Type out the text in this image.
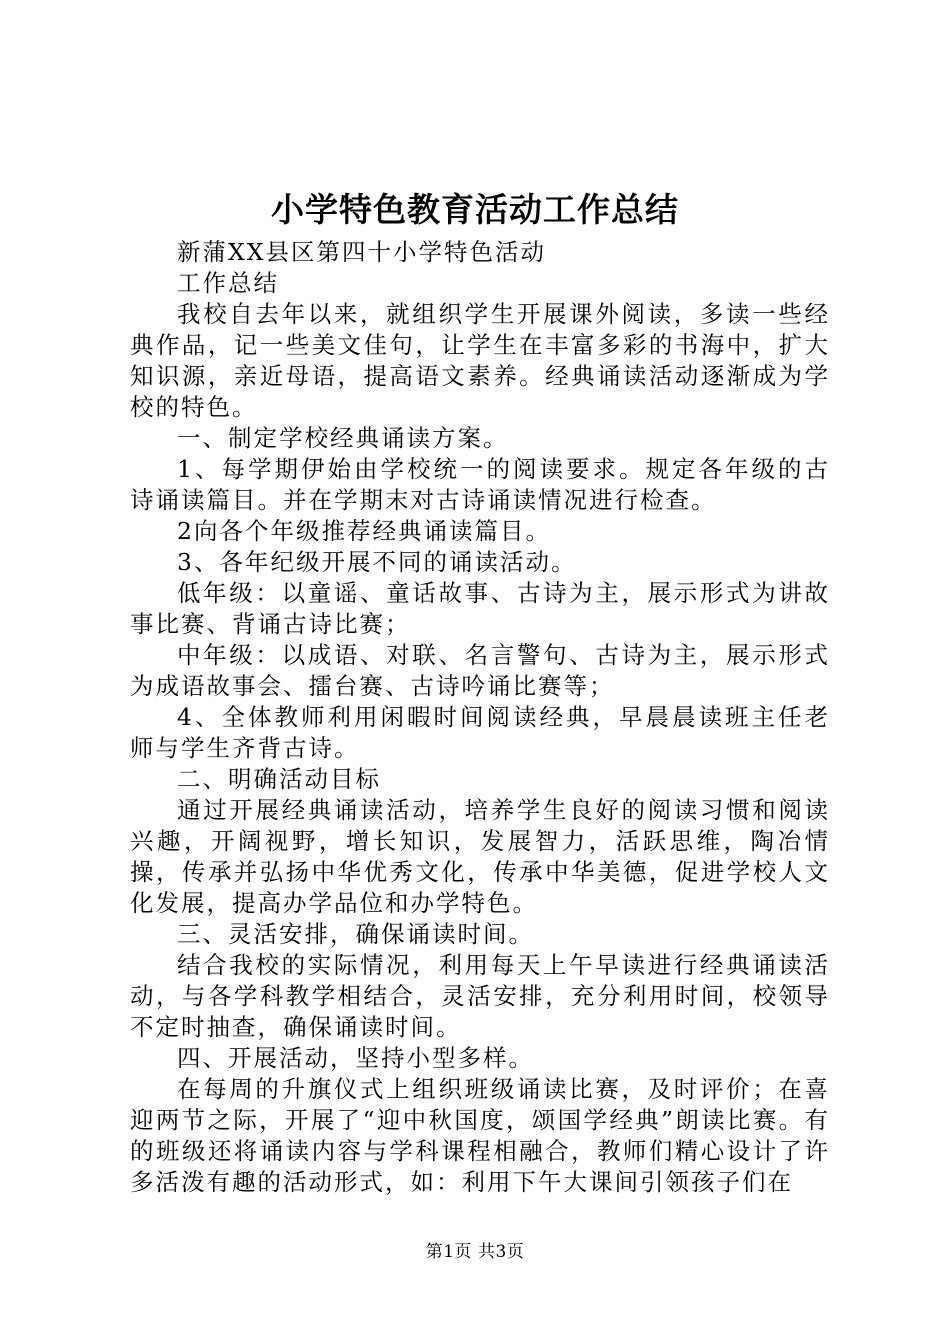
小学特色教育活动工作总结

新蒲XX县区第四十小学特色活动

工作总结

我校自去年以来，就组织学生开展课外阅读，多读一些经典作品，记一些美文佳句，让学生在丰富多彩的书海中，扩大知识源，亲近母语，提高语文素养。经典诵读活动逐渐成为学校的特色。

一、制定学校经典诵读方案。

1、每学期伊始由学校统一的阅读要求。规定各年级的古诗诵读篇目。并在学期末对古诗诵读情况进行检查。

2向各个年级推荐经典诵读篇目。

3、各年纪级开展不同的诵读活动。

低年级：以童谣、童话故事、古诗为主，展示形式为讲故事比赛、背诵古诗比赛；

中年级：以成语、对联、名言警句、古诗为主，展示形式为成语故事会、擂台赛、古诗吟诵比赛等；

4、全体教师利用闲暇时间阅读经典，早晨晨读班主任老师与学生齐背古诗。

二、明确活动目标

通过开展经典诵读活动，培养学生良好的阅读习惯和阅读兴趣，开阔视野，增长知识，发展智力，活跃思维，陶冶情操，传承并弘扬中华优秀文化，传承中华美德，促进学校人文化发展，提高办学品位和办学特色。

三、灵活安排，确保诵读时间。

结合我校的实际情况，利用每天上午早读进行经典诵读活动，与各学科教学相结合，灵活安排，充分利用时间，校领导不定时抽查，确保诵读时间。

四、开展活动，坚持小型多样。

在每周的升旗仪式上组织班级诵读比赛，及时评价；在喜迎两节之际，开展了“迎中秋国度，颂国学经典”朗读比赛。有的班级还将诵读内容与学科课程相融合，教师们精心设计了许多活泼有趣的活动形式，如：利用下午大课间引领孩子们在

第1页 共3页
